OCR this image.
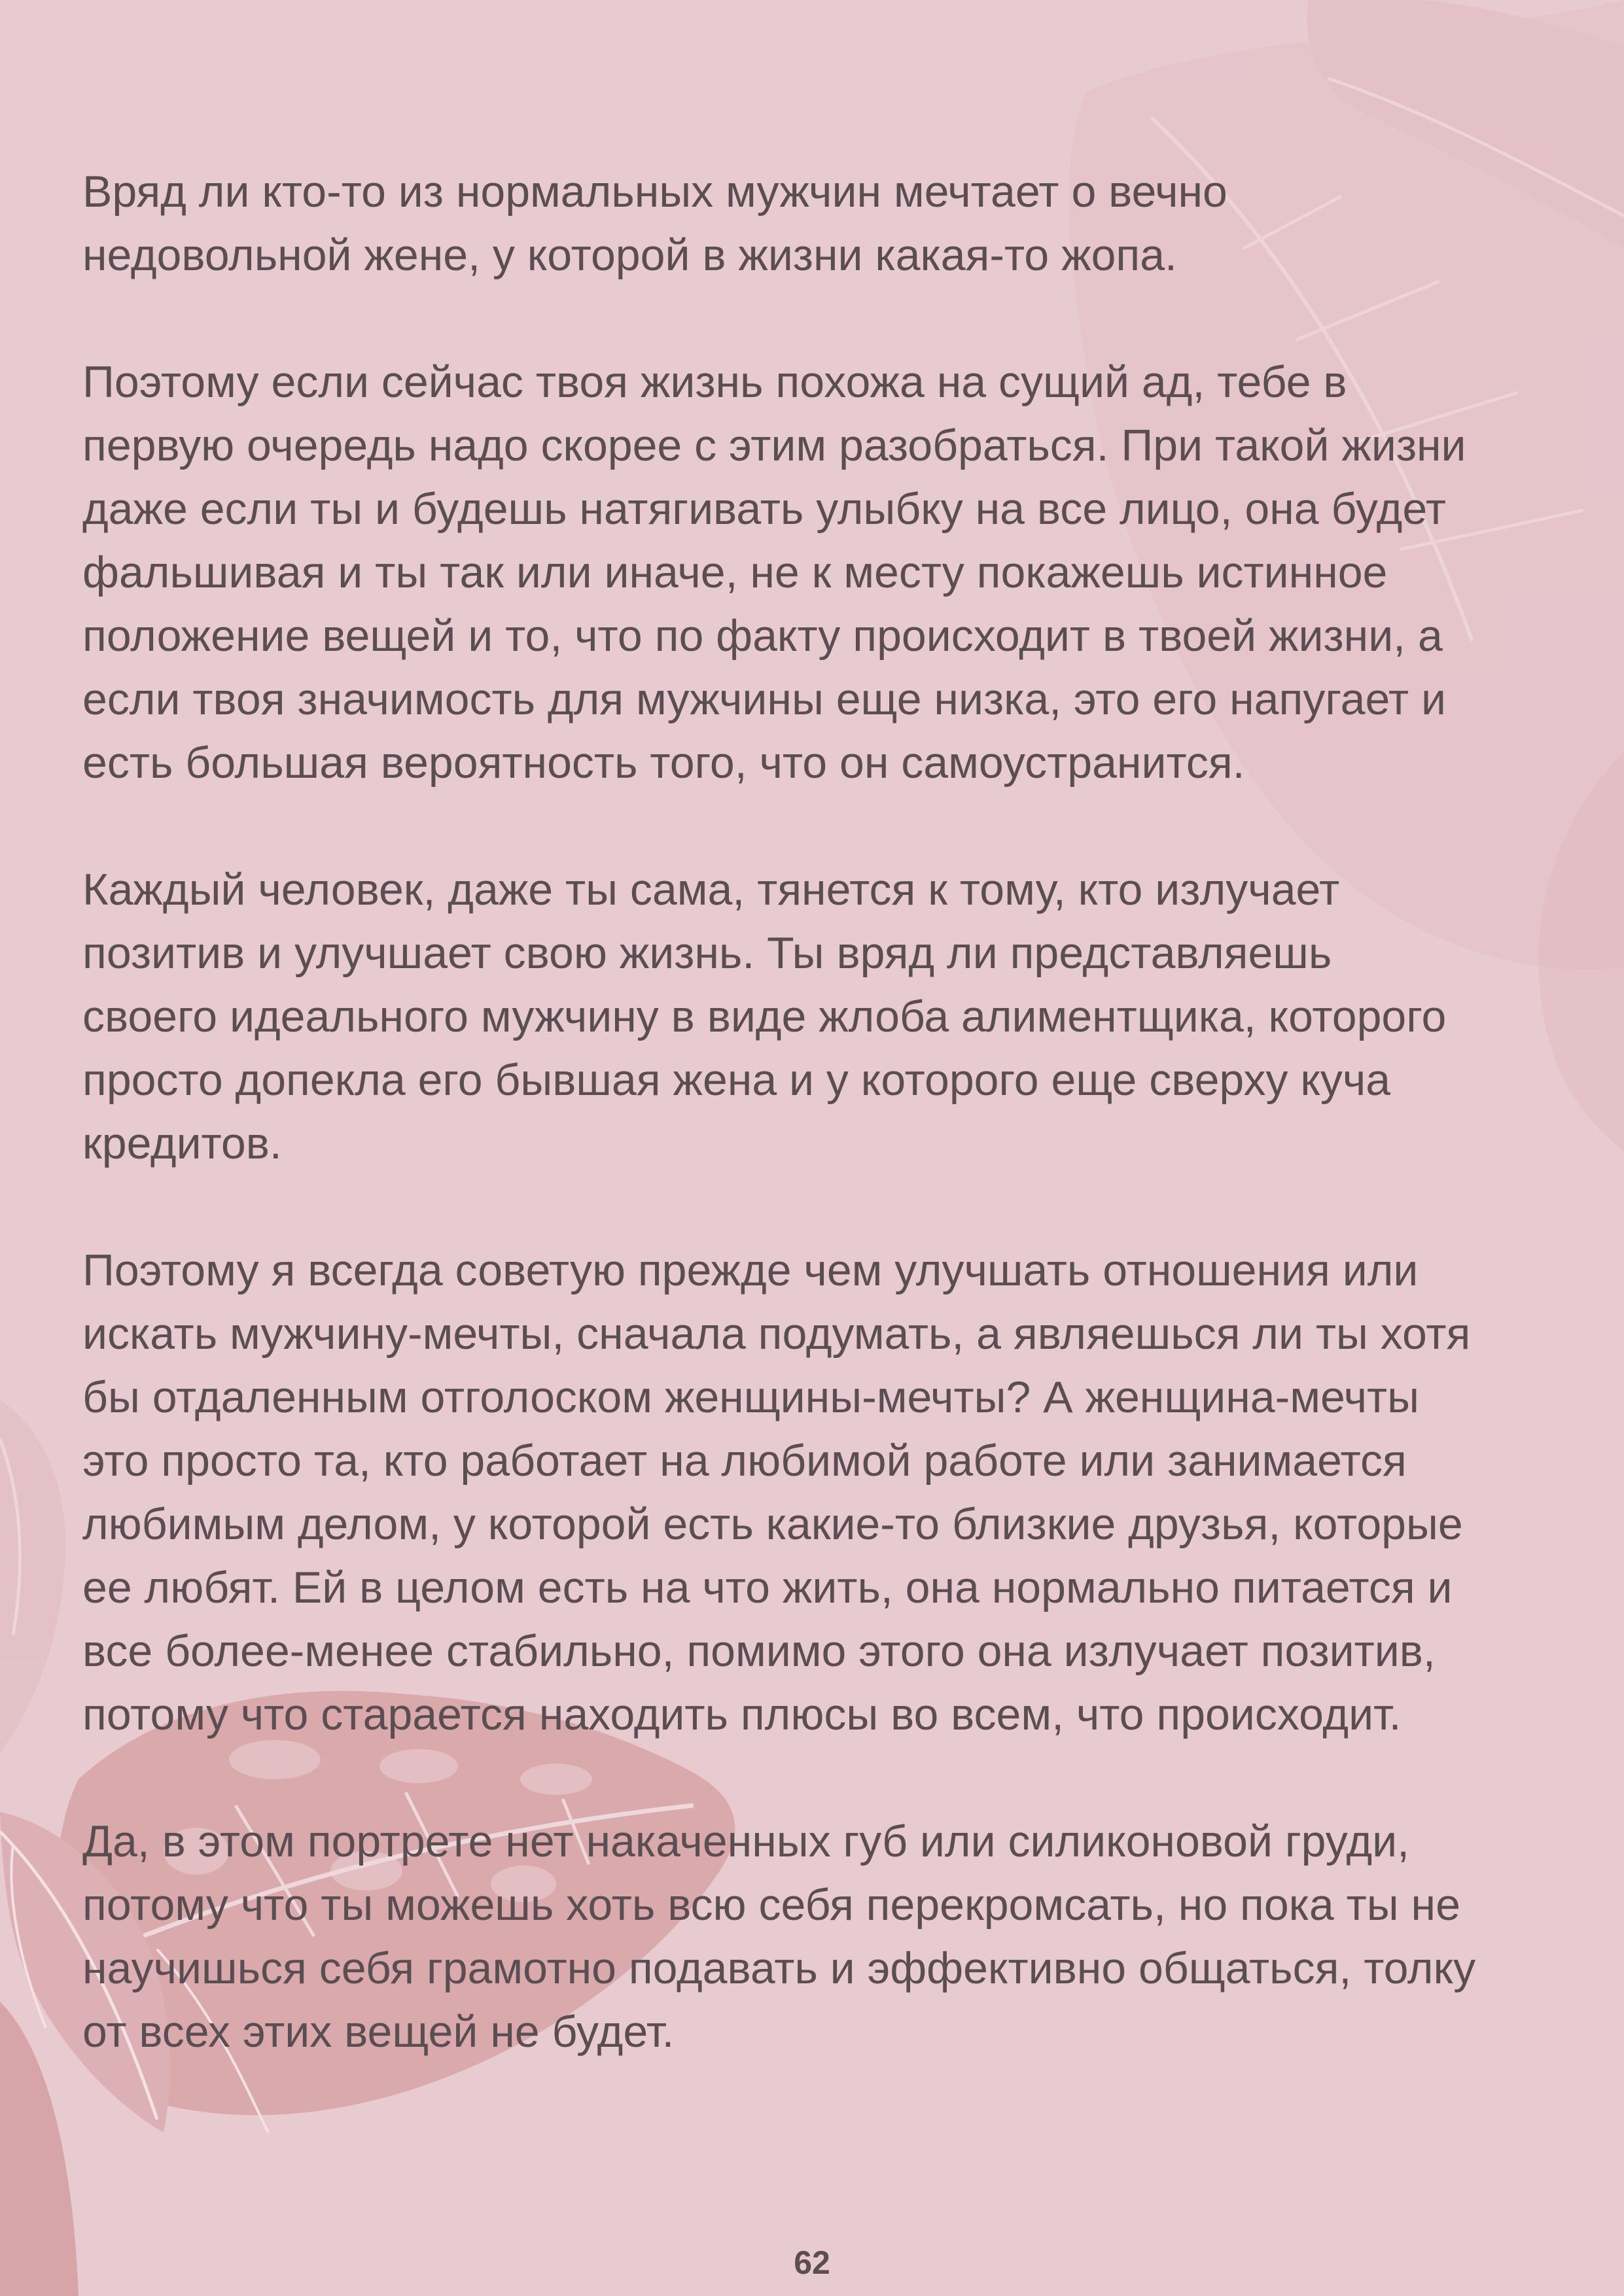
Вряд ли кто-то из нормальных мужчин мечтает о вечно
недовольной жене, у которой в жизни какая-то жопа.

Поэтому если сейчас твоя жизнь похожа на сущий ад, тебе в
первую очередь надо скорее с этим разобраться. При такой жизни
даже если ты и будешь натягивать улыбку на все лицо, она будет
фальшивая и ты так или иначе, не к месту покажешь истинное
положение вещей и то, что по факту происходит в твоей жизни, а
если твоя значимость для мужчины еще низка, это его напугает и
есть большая вероятность того, что он самоустранится.

Каждый человек, даже ты сама, тянется к тому, кто излучает
позитив и улучшает свою жизнь. Ты вряд ли представляешь
своего идеального мужчину в виде жлоба алиментщика, которого
просто допекла его бывшая жена и у которого еще сверху куча
кредитов.

Поэтому я всегда советую прежде чем улучшать отношения или
искать мужчину-мечты, сначала подумать, а являешься ли ты хотя
бы отдаленным отголоском женщины-мечты? А женщина-мечты
это просто та, кто работает на любимой работе или занимается
любимым делом, у которой есть какие-то близкие друзья, которые
ее любят. Ей в целом есть на что жить, она нормально питается и
все более-менее стабильно, помимо этого она излучает позитив,
потому что старается находить плюсы во всем, что происходит.

Да, в этом портрете нет накаченных губ или силиконовой груди,
потому что ты можешь хоть всю себя перекромсать, но пока ты не
научишься себя грамотно подавать и эффективно общаться, толку
от всех этих вещей не будет.

62
